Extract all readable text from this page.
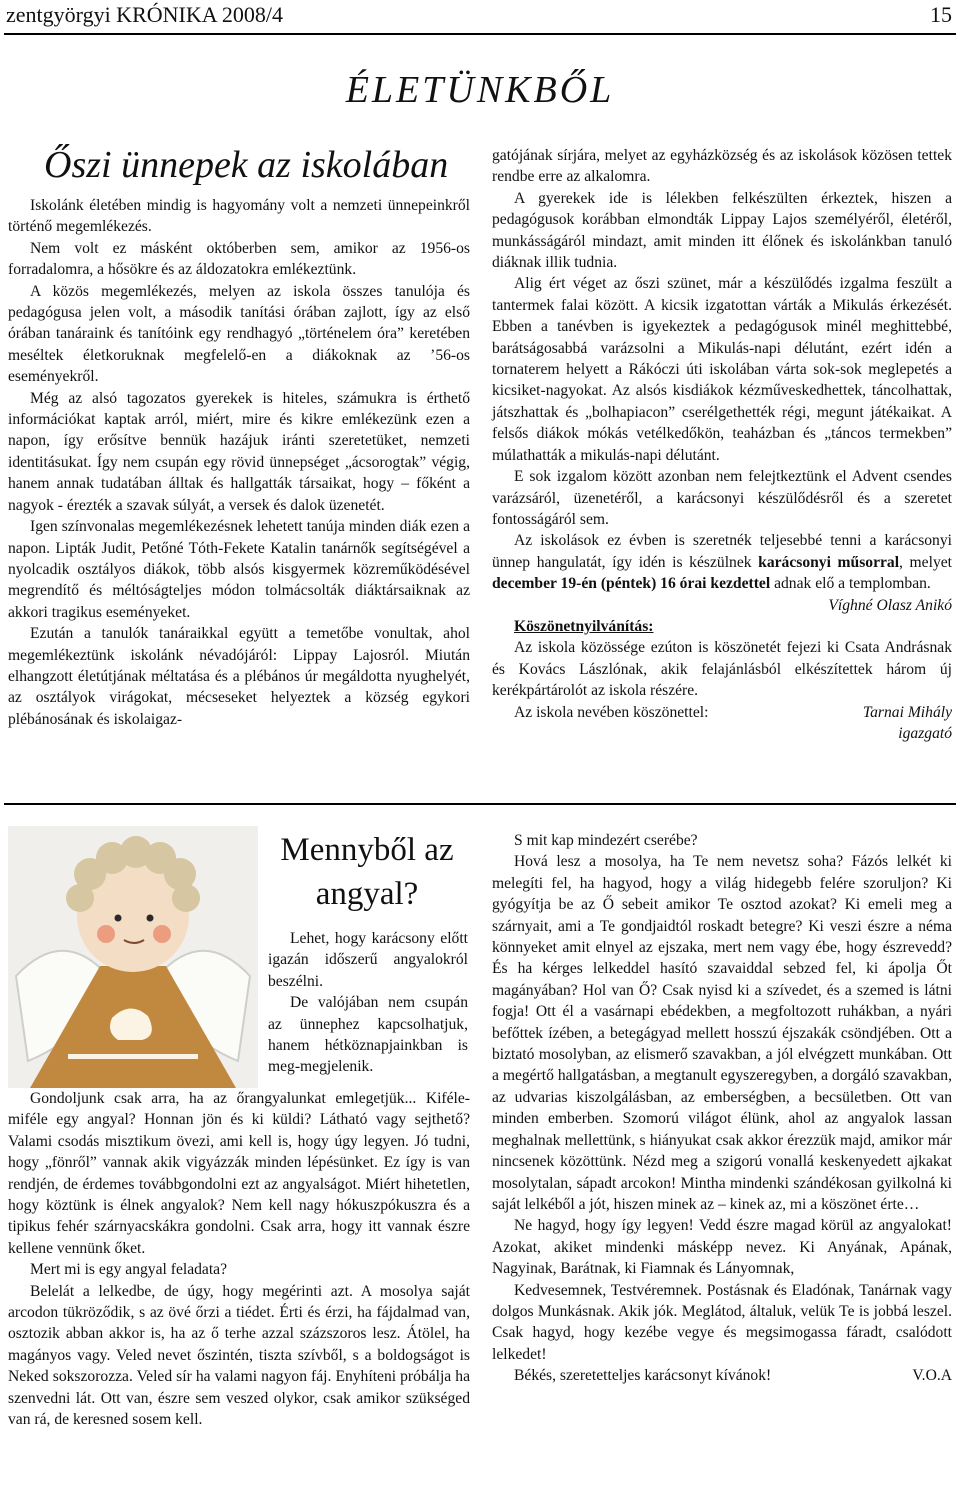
zentgyörgyi KRÓNIKA 2008/4	15
ÉLETÜNKBŐL
Őszi ünnepek az iskolában

Iskolánk életében mindig is hagyomány volt a nemzeti ünnepeinkről történő megemlékezés.

Nem volt ez másként októberben sem, amikor az 1956-os forradalomra, a hősökre és az áldozatokra emlékeztünk.

A közös megemlékezés, melyen az iskola összes tanulója és pedagógusa jelen volt, a második tanítási órában zajlott, így az első órában tanáraink és tanítóink egy rendhagyó „történelem óra” keretében meséltek életkoruknak megfelelő-en a diákoknak az ’56-os eseményekről.

Még az alsó tagozatos gyerekek is hiteles, számukra is érthető információkat kaptak arról, miért, mire és kikre emlékezünk ezen a napon, így erősítve bennük hazájuk iránti szeretetüket, nemzeti identitásukat. Így nem csupán egy rövid ünnepséget „ácsorogtak” végig, hanem annak tudatában álltak és hallgatták társaikat, hogy – főként a nagyok - érezték a szavak súlyát, a versek és dalok üzenetét.

Igen színvonalas megemlékezésnek lehetett tanúja minden diák ezen a napon. Lipták Judit, Petőné Tóth-Fekete Katalin tanárnők segítségével a nyolcadik osztályos diákok, több alsós kisgyermek közreműködésével megrendítő és méltóságteljes módon tolmácsolták diáktársaiknak az akkori tragikus eseményeket.

Ezután a tanulók tanáraikkal együtt a temetőbe vonultak, ahol megemlékeztünk iskolánk névadójáról: Lippay Lajosról. Miután elhangzott életútjának méltatása és a plébános úr megáldotta nyughelyét, az osztályok virágokat, mécseseket helyeztek a község egykori plébánosának és iskolaigaz-

gatójának sírjára, melyet az egyházközség és az iskolások közösen tettek rendbe erre az alkalomra.

A gyerekek ide is lélekben felkészülten érkeztek, hiszen a pedagógusok korábban elmondták Lippay Lajos személyéről, életéről, munkásságáról mindazt, amit minden itt élőnek és iskolánkban tanuló diáknak illik tudnia.

Alig ért véget az őszi szünet, már a készülődés izgalma feszült a tantermek falai között. A kicsik izgatottan várták a Mikulás érkezését. Ebben a tanévben is igyekeztek a pedagógusok minél meghittebbé, barátságosabbá varázsolni a Mikulás-napi délutánt, ezért idén a tornaterem helyett a Rákóczi úti iskolában várta sok-sok meglepetés a kicsiket-nagyokat. Az alsós kisdiákok kézműveskedhettek, táncolhattak, játszhattak és „bolhapiacon” cserélgethették régi, megunt játékaikat. A felsős diákok mókás vetélkedőkön, teaházban és „táncos termekben” múlathatták a mikulás-napi délutánt.

E sok izgalom között azonban nem felejtkeztünk el Advent csendes varázsáról, üzenetéről, a karácsonyi készülődésről és a szeretet fontosságáról sem.

Az iskolások ez évben is szeretnék teljesebbé tenni a karácsonyi ünnep hangulatát, így idén is készülnek karácsonyi műsorral, melyet december 19-én (péntek) 16 órai kezdettel adnak elő a templomban.

Víghné Olasz Anikó

Köszönetnyilvánítás:

Az iskola közössége ezúton is köszönetét fejezi ki Csata Andrásnak és Kovács Lászlónak, akik felajánlásból elkészítettek három új kerékpártárolót az iskola részére.

Az iskola nevében köszönettel:	Tarnai Mihály

igazgató

Mennyből az angyal?

Lehet, hogy karácsony előtt igazán időszerű angyalokról beszélni.

De valójában nem csupán az ünnephez kapcsolhatjuk, hanem hétköznapjainkban is meg-megjelenik.

Gondoljunk csak arra, ha az őrangyalunkat emlegetjük... Kiféle-miféle egy angyal? Honnan jön és ki küldi? Látható vagy sejthető? Valami csodás misztikum övezi, ami kell is, hogy úgy legyen. Jó tudni, hogy „fönről” vannak akik vigyázzák minden lépésünket. Ez így is van rendjén, de érdemes továbbgondolni ezt az angyalságot. Miért hihetetlen, hogy köztünk is élnek angyalok? Nem kell nagy hókuszpókuszra és a tipikus fehér szárnyacskákra gondolni. Csak arra, hogy itt vannak észre kellene vennünk őket.

Mert mi is egy angyal feladata?

Belelát a lelkedbe, de úgy, hogy megérinti azt. A mosolya saját arcodon tükröződik, s az övé őrzi a tiédet. Érti és érzi, ha fájdalmad van, osztozik abban akkor is, ha az ő terhe azzal százszoros lesz. Átölel, ha magányos vagy. Veled nevet őszintén, tiszta szívből, s a boldogságot is Neked sokszorozza. Veled sír ha valami nagyon fáj. Enyhíteni próbálja ha szenvedni lát. Ott van, észre sem veszed olykor, csak amikor szükséged van rá, de keresned sosem kell.

S mit kap mindezért cserébe?

Hová lesz a mosolya, ha Te nem nevetsz soha? Fázós lelkét ki melegíti fel, ha hagyod, hogy a világ hidegebb felére szoruljon? Ki gyógyítja be az Ő sebeit amikor Te osztod azokat? Ki emeli meg a szárnyait, ami a Te gondjaidtól roskadt betegre? Ki veszi észre a néma könnyeket amit elnyel az ejszaka, mert nem vagy ébe, hogy észrevedd? És ha kérges lelkeddel hasító szavaiddal sebzed fel, ki ápolja Őt magányában? Hol van Ő? Csak nyisd ki a szívedet, és a szemed is látni fogja! Ott él a vasárnapi ebédekben, a megfoltozott ruhákban, a nyári befőttek ízében, a betegágyad mellett hosszú éjszakák csöndjében. Ott a biztató mosolyban, az elismerő szavakban, a jól elvégzett munkában. Ott a megértő hallgatásban, a megtanult egyszeregyben, a dorgáló szavakban, az udvarias kiszolgálásban, az emberségben, a becsületben. Ott van minden emberben. Szomorú világot élünk, ahol az angyalok lassan meghalnak mellettünk, s hiányukat csak akkor érezzük majd, amikor már nincsenek közöttünk. Nézd meg a szigorú vonallá keskenyedett ajkakat mosolytalan, sápadt arcokon! Mintha mindenki szándékosan gyilkolná ki saját lelkéből a jót, hiszen minek az – kinek az, mi a köszönet érte…

Ne hagyd, hogy így legyen! Vedd észre magad körül az angyalokat! Azokat, akiket mindenki másképp nevez. Ki Anyának, Apának, Nagyinak, Barátnak, ki Fiamnak és Lányomnak,

Kedvesemnek, Testvéremnek. Postásnak és Eladónak, Tanárnak vagy dolgos Munkásnak. Akik jók. Meglátod, általuk, velük Te is jobbá leszel. Csak hagyd, hogy kezébe vegye és megsimogassa fáradt, csalódott lelkedet!

Békés, szeretetteljes karácsonyt kívánok!	V.O.A
